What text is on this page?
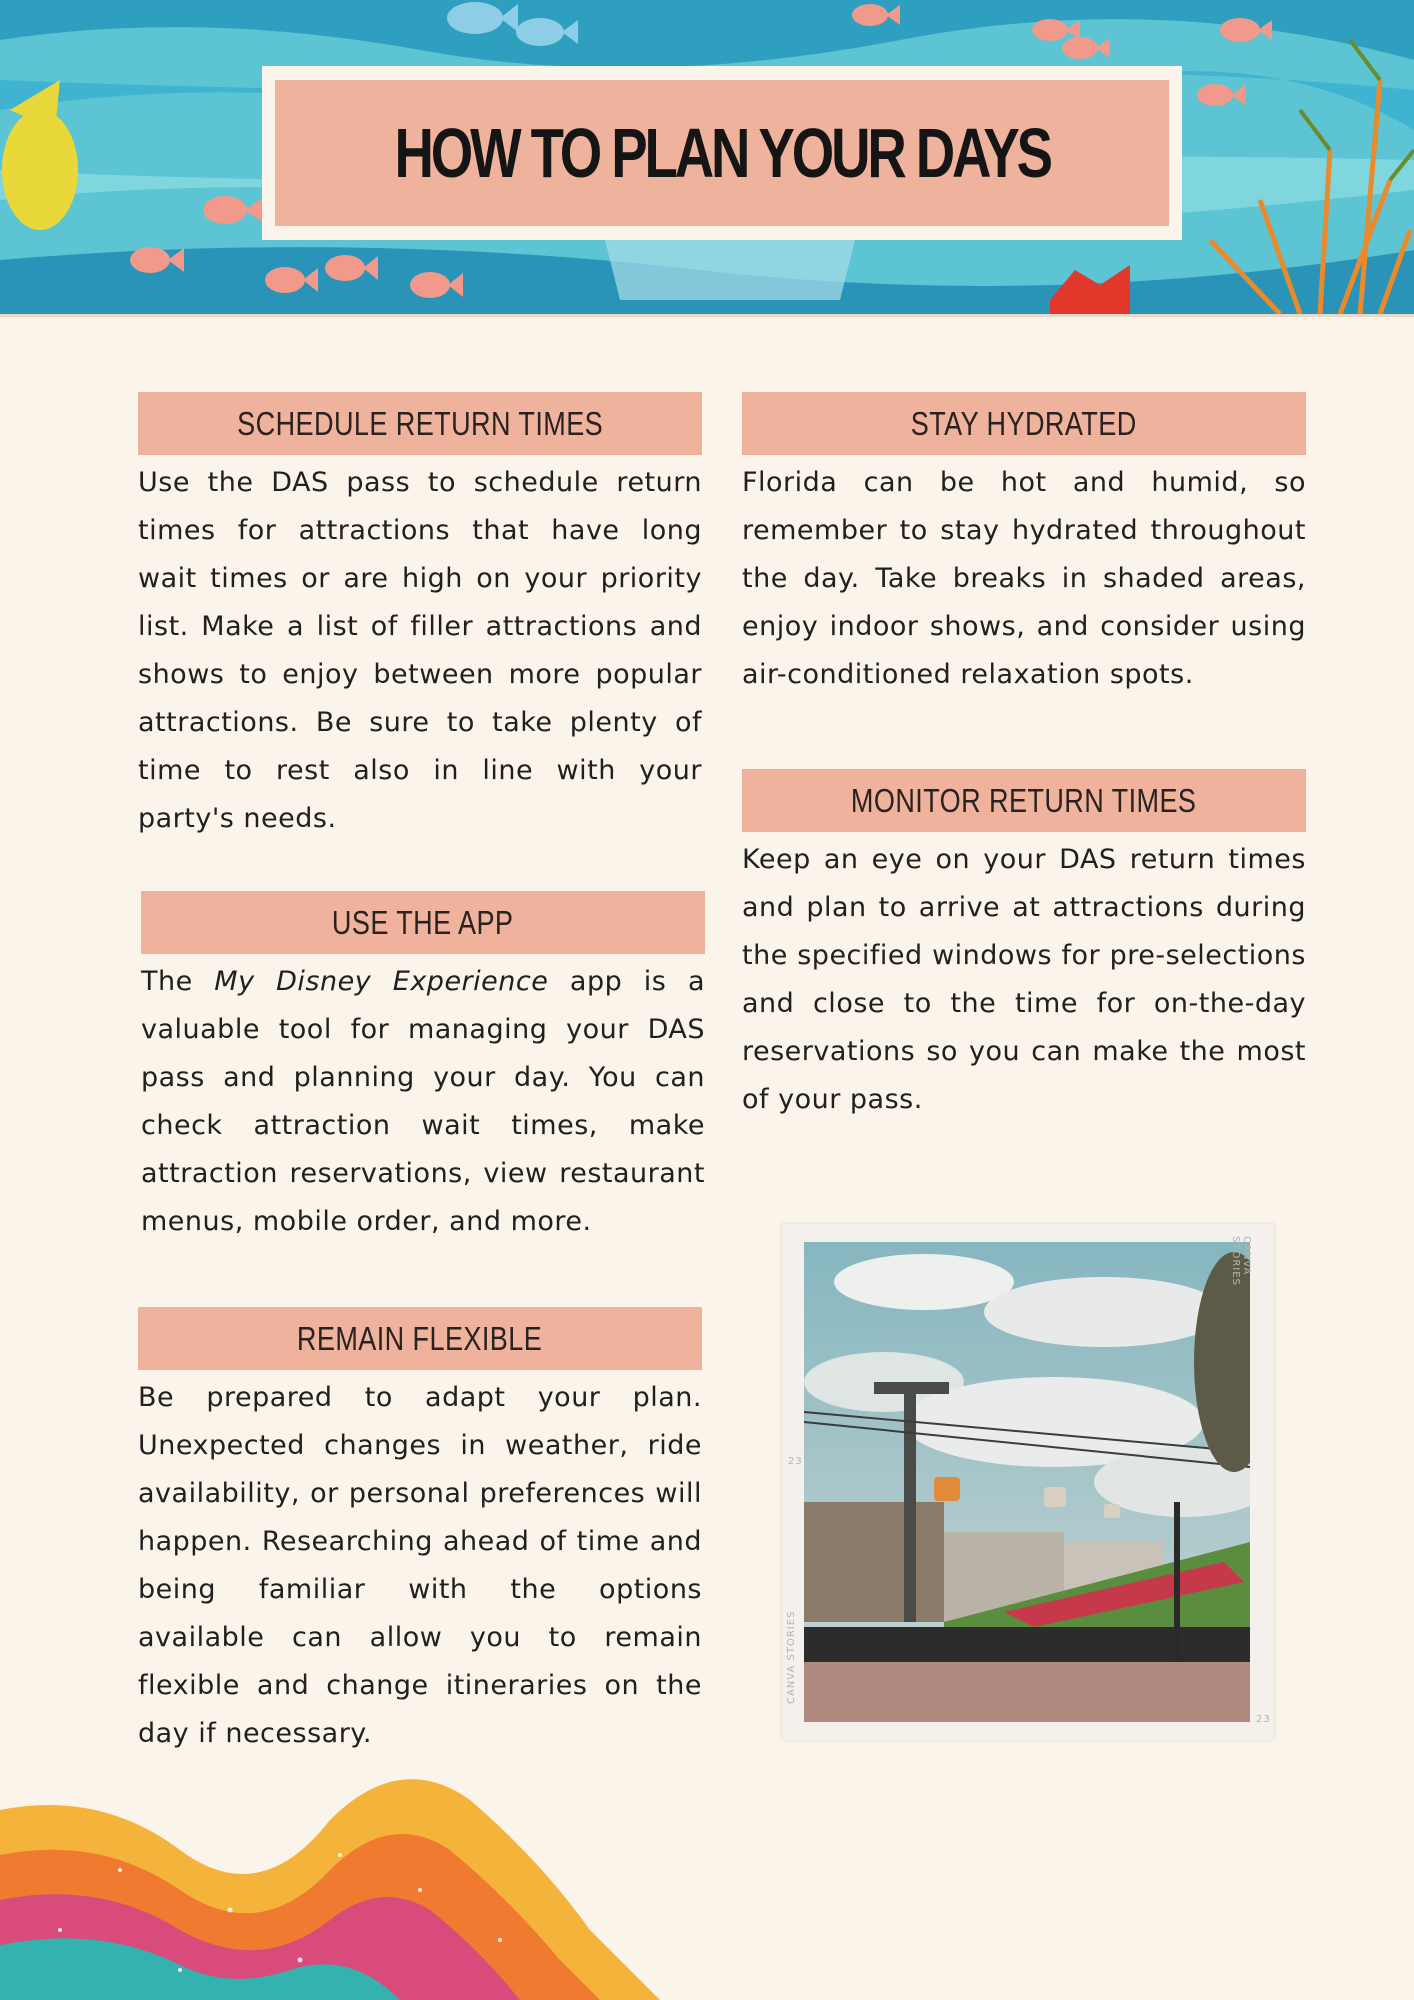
HOW TO PLAN YOUR DAYS
SCHEDULE RETURN TIMES

Use the DAS pass to schedule return times for attractions that have long wait times or are high on your priority list. Make a list of filler attractions and shows to enjoy between more popular attractions. Be sure to take plenty of time to rest also in line with your party's needs.

USE THE APP

The My Disney Experience app is a valuable tool for managing your DAS pass and planning your day. You can check attraction wait times, make attraction reservations, view restaurant menus, mobile order, and more.

REMAIN FLEXIBLE

Be prepared to adapt your plan. Unexpected changes in weather, ride availability, or personal preferences will happen. Researching ahead of time and being familiar with the options available can allow you to remain flexible and change itineraries on the day if necessary.

STAY HYDRATED

Florida can be hot and humid, so remember to stay hydrated throughout the day. Take breaks in shaded areas, enjoy indoor shows, and consider using air-conditioned relaxation spots.

MONITOR RETURN TIMES

Keep an eye on your DAS return times and plan to arrive at attractions during the specified windows for pre-selections and close to the time for on-the-day reservations so you can make the most of your pass.

CANVA STORIES
CANVA STORIES
23
23
